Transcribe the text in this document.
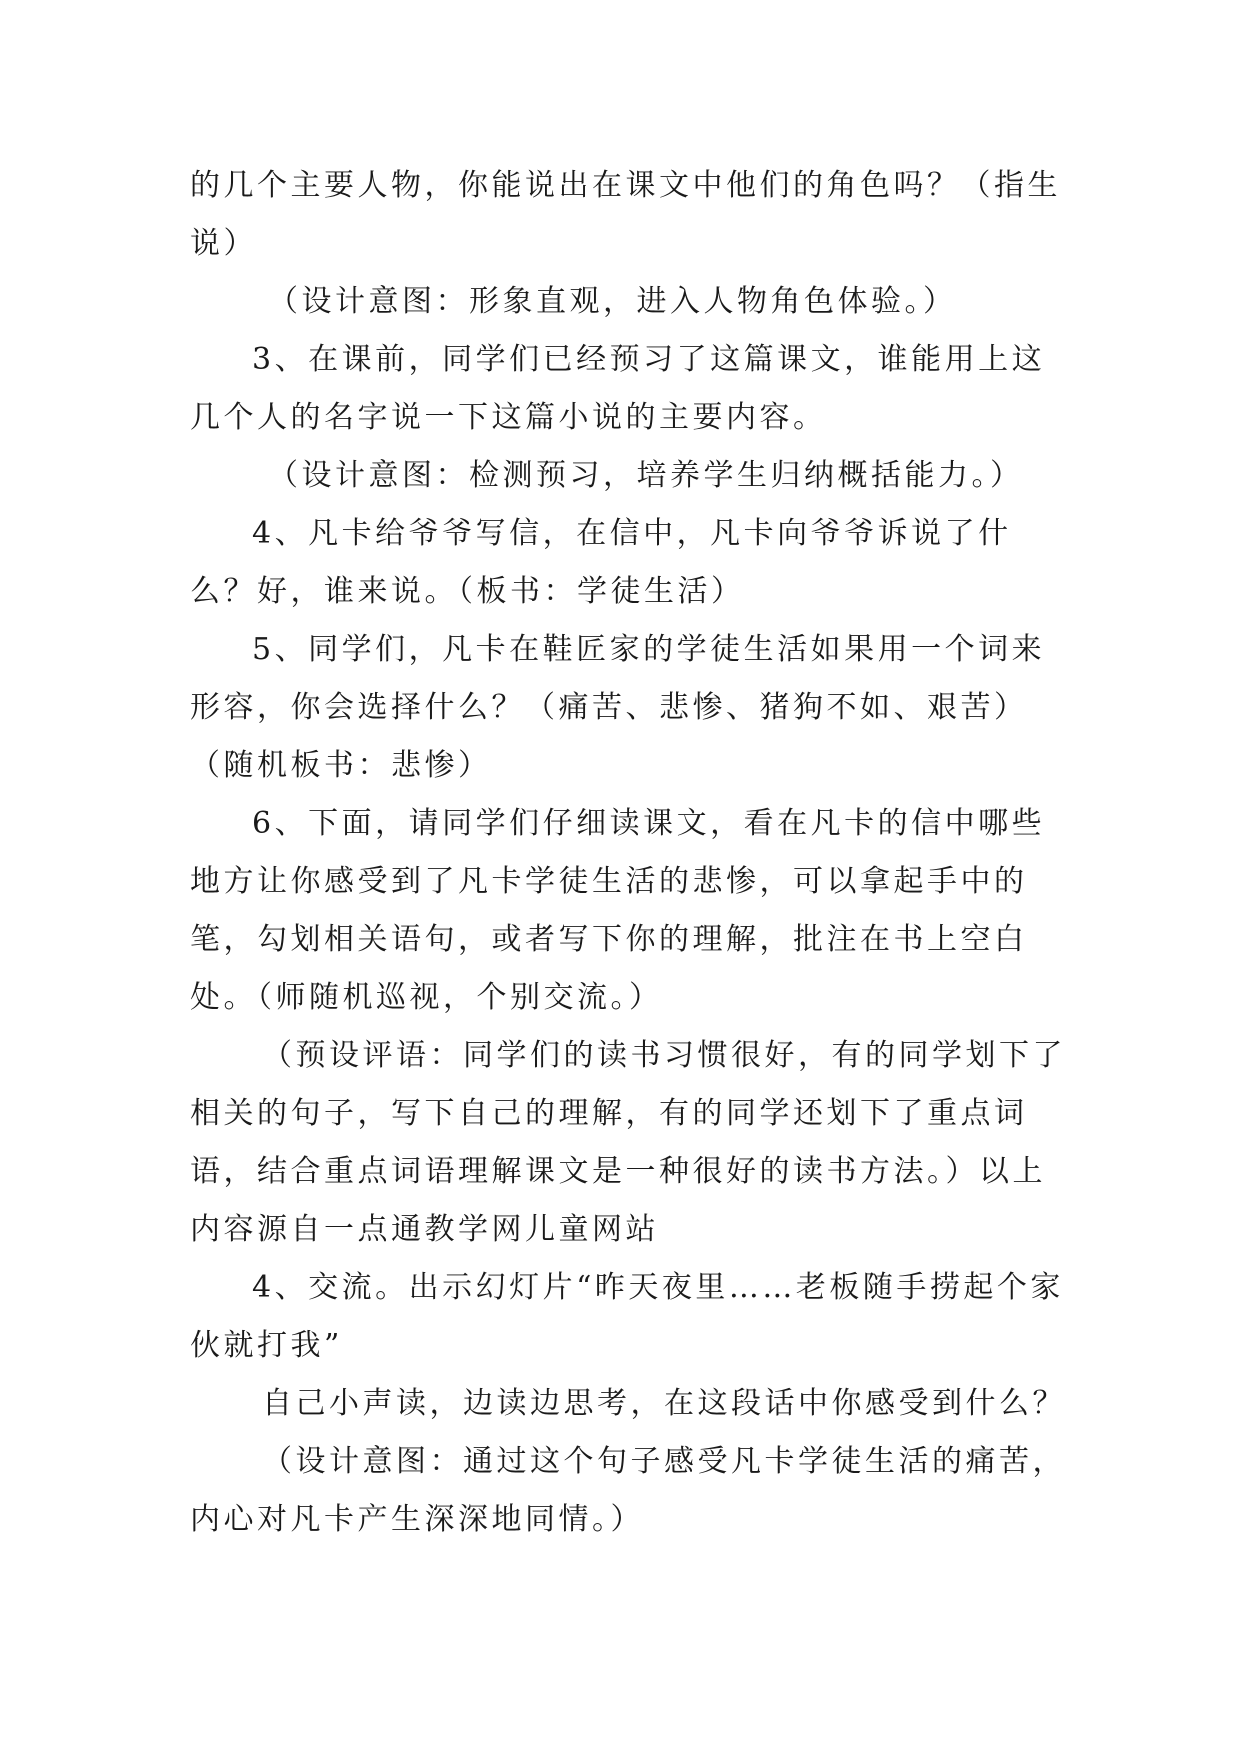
的几个主要人物，你能说出在课文中他们的角色吗？（指生说）

（设计意图：形象直观，进入人物角色体验。）

3、在课前，同学们已经预习了这篇课文，谁能用上这几个人的名字说一下这篇小说的主要内容。

（设计意图：检测预习，培养学生归纳概括能力。）

4、凡卡给爷爷写信，在信中，凡卡向爷爷诉说了什么？好，谁来说。（板书：学徒生活）

5、同学们，凡卡在鞋匠家的学徒生活如果用一个词来形容，你会选择什么？（痛苦、悲惨、猪狗不如、艰苦）（随机板书：悲惨）

6、下面，请同学们仔细读课文，看在凡卡的信中哪些地方让你感受到了凡卡学徒生活的悲惨，可以拿起手中的笔，勾划相关语句，或者写下你的理解，批注在书上空白处。（师随机巡视，个别交流。）

（预设评语：同学们的读书习惯很好，有的同学划下了相关的句子，写下自己的理解，有的同学还划下了重点词语，结合重点词语理解课文是一种很好的读书方法。）以上内容源自一点通教学网儿童网站

4、交流。出示幻灯片“昨天夜里……老板随手捞起个家伙就打我”

自己小声读，边读边思考，在这段话中你感受到什么？

（设计意图：通过这个句子感受凡卡学徒生活的痛苦，内心对凡卡产生深深地同情。）
